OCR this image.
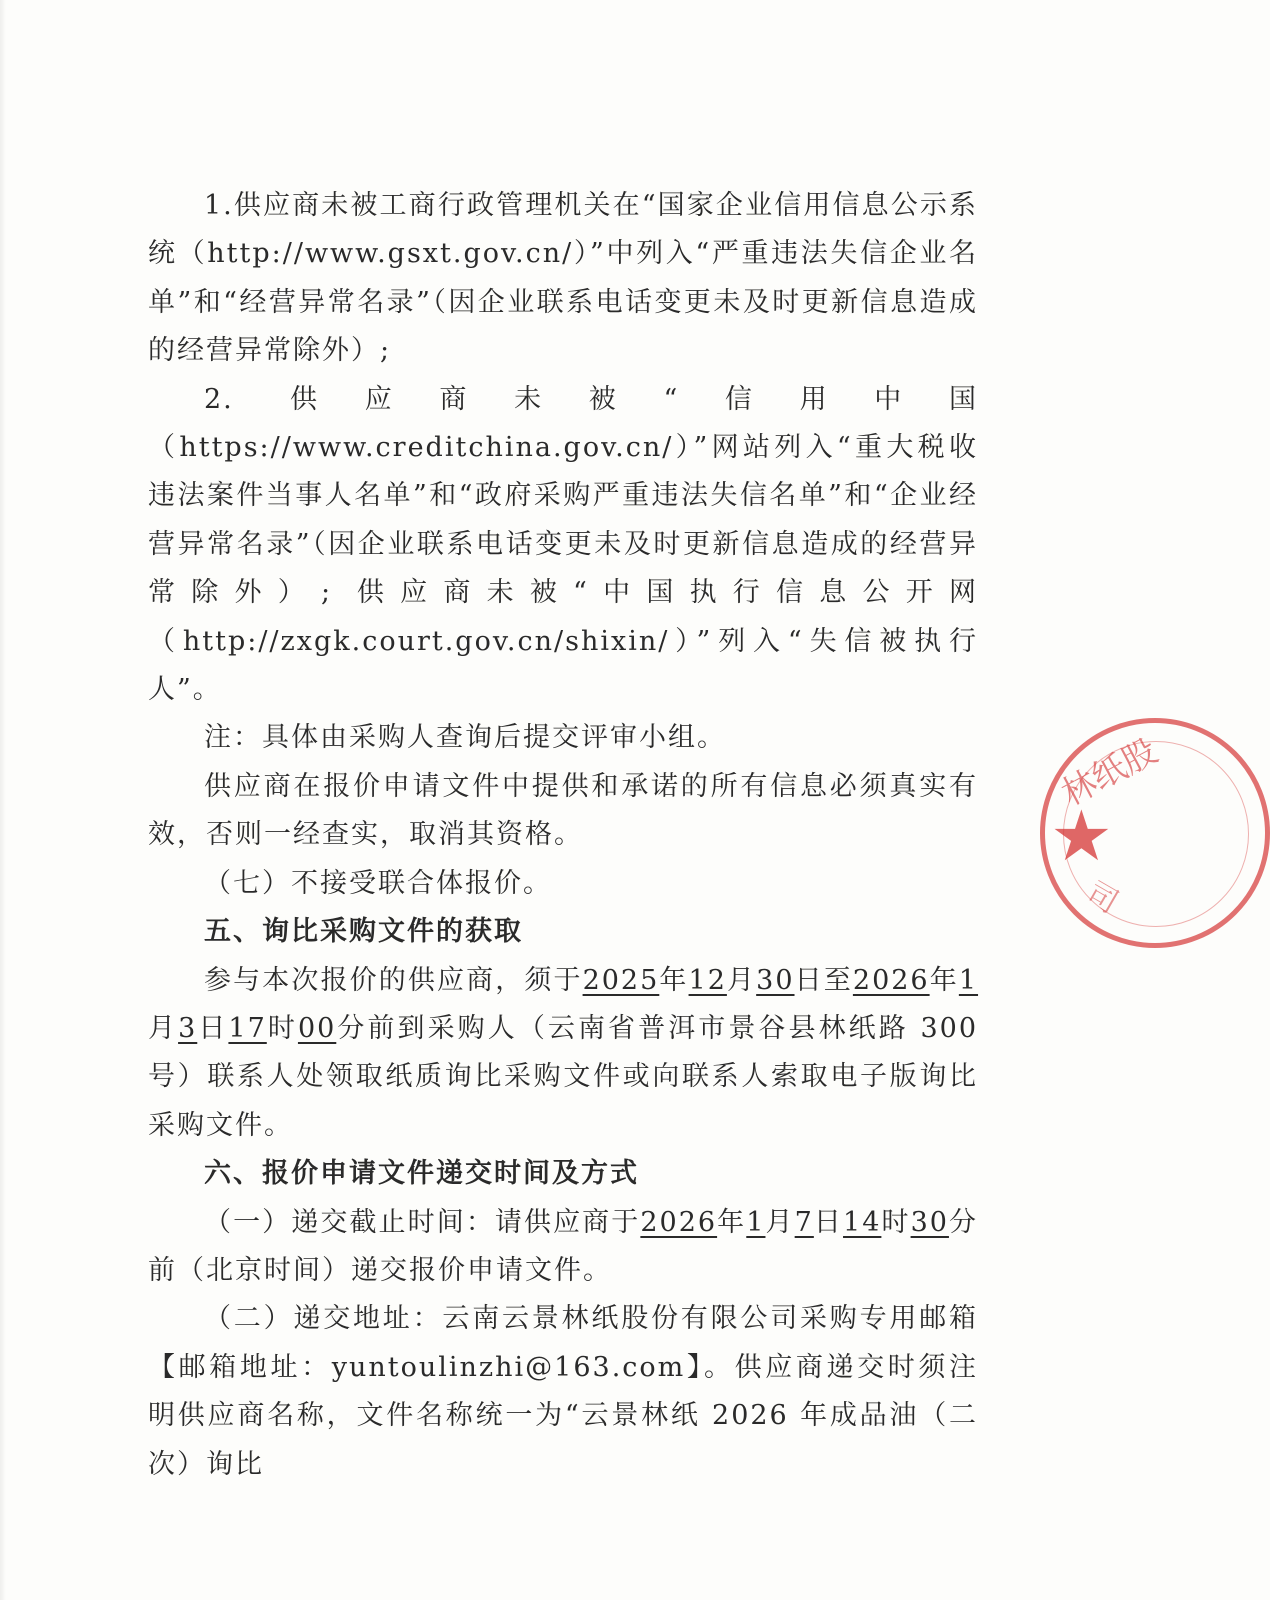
1.供应商未被工商行政管理机关在“国家企业信用信息公示系统（http://www.gsxt.gov.cn/）”中列入“严重违法失信企业名单”和“经营异常名录”（因企业联系电话变更未及时更新信息造成的经营异常除外）;

2. 供应商未被“信用中国（https://www.creditchina.gov.cn/）”网站列入“重大税收违法案件当事人名单”和“政府采购严重违法失信名单”和“企业经营异常名录”（因企业联系电话变更未及时更新信息造成的经营异常除外）; 供应商未被“中国执行信息公开网（http://zxgk.court.gov.cn/shixin/）”列入“失信被执行人”。

注：具体由采购人查询后提交评审小组。

供应商在报价申请文件中提供和承诺的所有信息必须真实有效，否则一经查实，取消其资格。

（七）不接受联合体报价。

五、询比采购文件的获取

参与本次报价的供应商，须于2025年12月30日至2026年1月3日17时00分前到采购人（云南省普洱市景谷县林纸路 300 号）联系人处领取纸质询比采购文件或向联系人索取电子版询比采购文件。

六、报价申请文件递交时间及方式

（一）递交截止时间：请供应商于2026年1月7日14时30分前（北京时间）递交报价申请文件。

（二）递交地址：云南云景林纸股份有限公司采购专用邮箱【邮箱地址：yuntoulinzhi@163.com】。供应商递交时须注明供应商名称，文件名称统一为“云景林纸 2026 年成品油（二次）询比

林纸股
★
司
